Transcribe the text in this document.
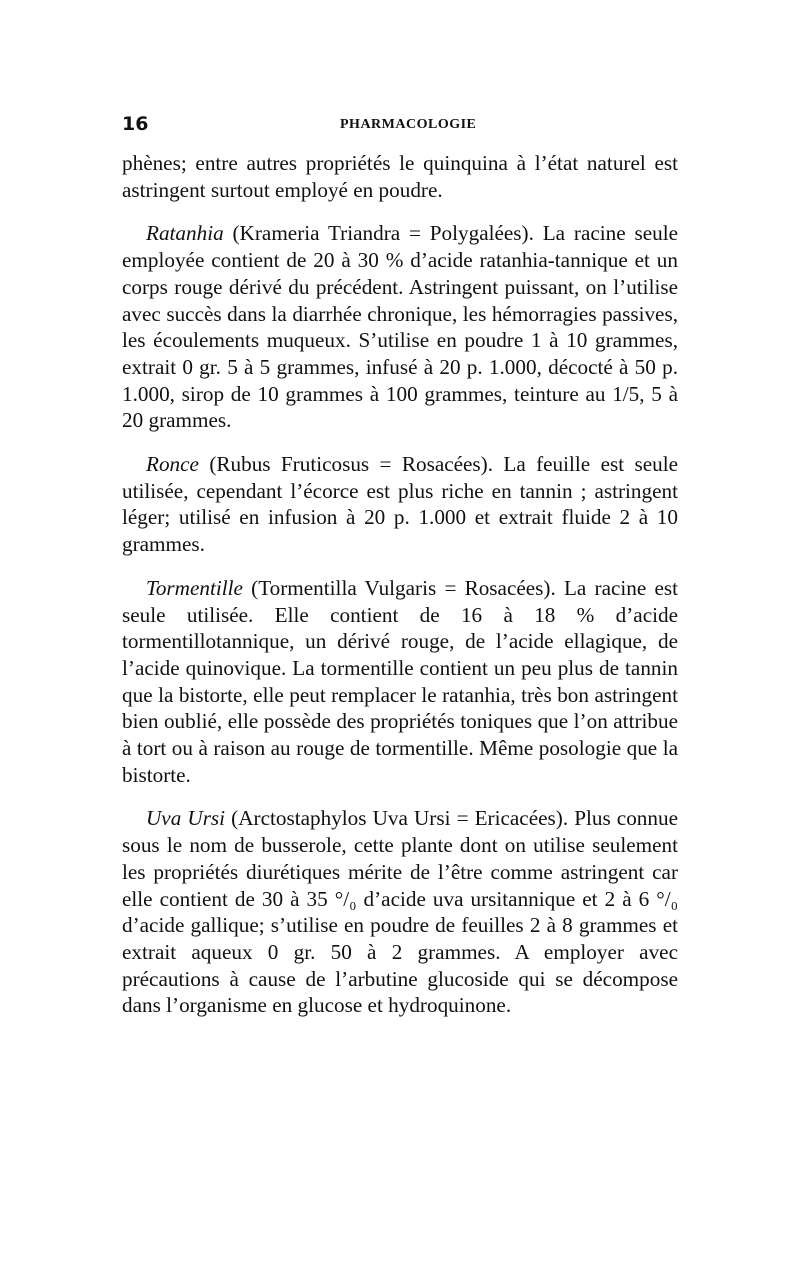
16	PHARMACOLOGIE

phènes; entre autres propriétés le quinquina à l’état naturel est astringent surtout employé en poudre.

Ratanhia (Krameria Triandra = Polygalées). La racine seule employée contient de 20 à 30 % d’acide ratanhia-tannique et un corps rouge dérivé du précédent. Astringent puissant, on l’utilise avec succès dans la diarrhée chronique, les hémorragies passives, les écoulements muqueux. S’utilise en poudre 1 à 10 grammes, extrait 0 gr. 5 à 5 grammes, infusé à 20 p. 1.000, décocté à 50 p. 1.000, sirop de 10 grammes à 100 grammes, teinture au 1/5, 5 à 20 grammes.

Ronce (Rubus Fruticosus = Rosacées). La feuille est seule utilisée, cependant l’écorce est plus riche en tannin ; astringent léger; utilisé en infusion à 20 p. 1.000 et extrait fluide 2 à 10 grammes.

Tormentille (Tormentilla Vulgaris = Rosacées). La racine est seule utilisée. Elle contient de 16 à 18 % d’acide tormentillotannique, un dérivé rouge, de l’acide ellagique, de l’acide quinovique. La tormentille contient un peu plus de tannin que la bistorte, elle peut remplacer le ratanhia, très bon astringent bien oublié, elle possède des propriétés toniques que l’on attribue à tort ou à raison au rouge de tormentille. Même posologie que la bistorte.

Uva Ursi (Arctostaphylos Uva Ursi = Ericacées). Plus connue sous le nom de busserole, cette plante dont on utilise seulement les propriétés diurétiques mérite de l’être comme astringent car elle contient de 30 à 35 °/₀ d’acide uva ursitannique et 2 à 6 °/₀ d’acide gallique; s’utilise en poudre de feuilles 2 à 8 grammes et extrait aqueux 0 gr. 50 à 2 grammes. A employer avec précautions à cause de l’arbutine glucoside qui se décompose dans l’organisme en glucose et hydroquinone.
